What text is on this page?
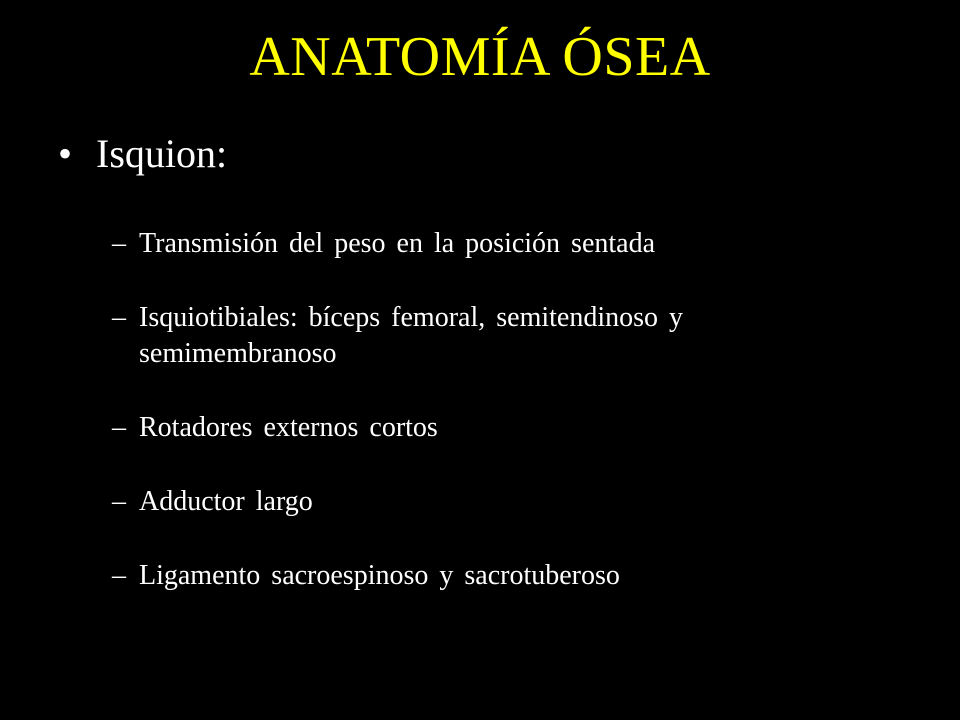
ANATOMÍA ÓSEA
• Isquion:
– Transmisión del peso en la posición sentada
– Isquiotibiales: bíceps femoral, semitendinoso y semimembranoso
– Rotadores externos cortos
– Adductor largo
– Ligamento sacroespinoso y sacrotuberoso
